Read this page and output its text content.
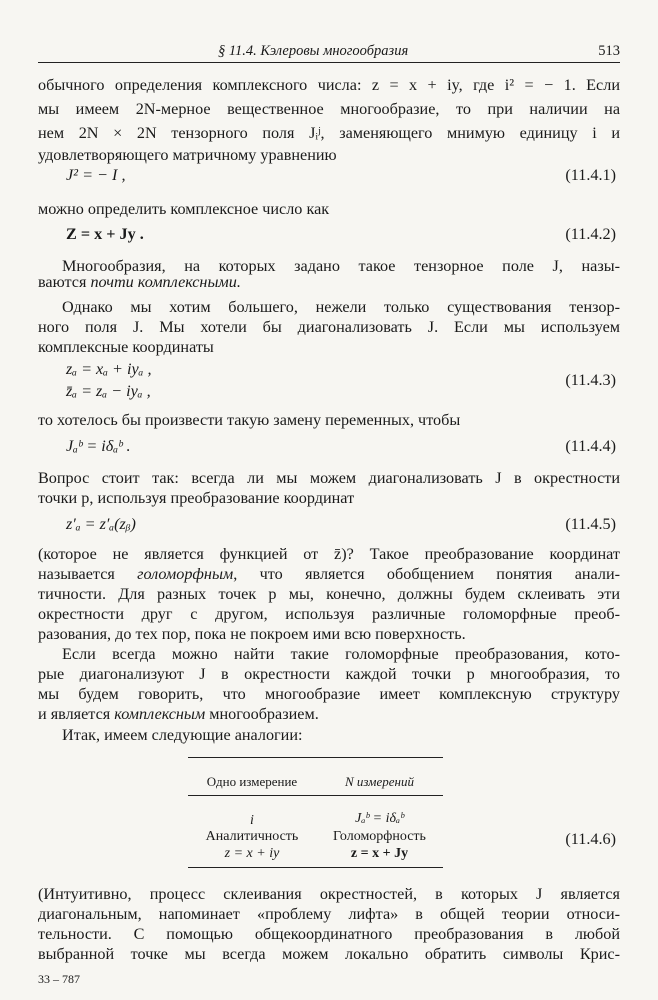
§ 11.4. Кэлеровы многообразия	513
обычного определения комплексного числа: z = x + iy, где i² = − 1. Если
мы имеем 2N-мерное вещественное многообразие, то при наличии на
нем 2N × 2N тензорного поля Jᵢʲ, заменяющего мнимую единицу i и
удовлетворяющего матричному уравнению
J² = − I ,	(11.4.1)
можно определить комплексное число как
Z = x + Jy .	(11.4.2)
Многообразия, на которых задано такое тензорное поле J, назы-
ваются почти комплексными.
Однако мы хотим большего, нежели только существования тензор-
ного поля J. Мы хотели бы диагонализовать J. Если мы используем
комплексные координаты
zₐ = xₐ + iyₐ ,
z̄ₐ = zₐ − iyₐ ,
(11.4.3)
то хотелось бы произвести такую замену переменных, чтобы
Jₐᵇ = iδₐᵇ .	(11.4.4)
Вопрос стоит так: всегда ли мы можем диагонализовать J в окрестности
точки p, используя преобразование координат
z′ₐ = z′ₐ(zᵦ)	(11.4.5)
(которое не является функцией от z̄)? Такое преобразование координат
называется голоморфным, что является обобщением понятия анали-
тичности. Для разных точек p мы, конечно, должны будем склеивать эти
окрестности друг с другом, используя различные голоморфные преоб-
разования, до тех пор, пока не покроем ими всю поверхность.
Если всегда можно найти такие голоморфные преобразования, кото-
рые диагонализуют J в окрестности каждой точки p многообразия, то
мы будем говорить, что многообразие имеет комплексную структуру
и является комплексным многообразием.
Итак, имеем следующие аналогии:
Одно измерение	N измерений
i	Jₐᵇ = iδₐᵇ
Аналитичность	Голоморфность
z = x + iy	z = x + Jy
(11.4.6)
(Интуитивно, процесс склеивания окрестностей, в которых J является
диагональным, напоминает «проблему лифта» в общей теории относи-
тельности. С помощью общекоординатного преобразования в любой
выбранной точке мы всегда можем локально обратить символы Крис-
33 – 787
